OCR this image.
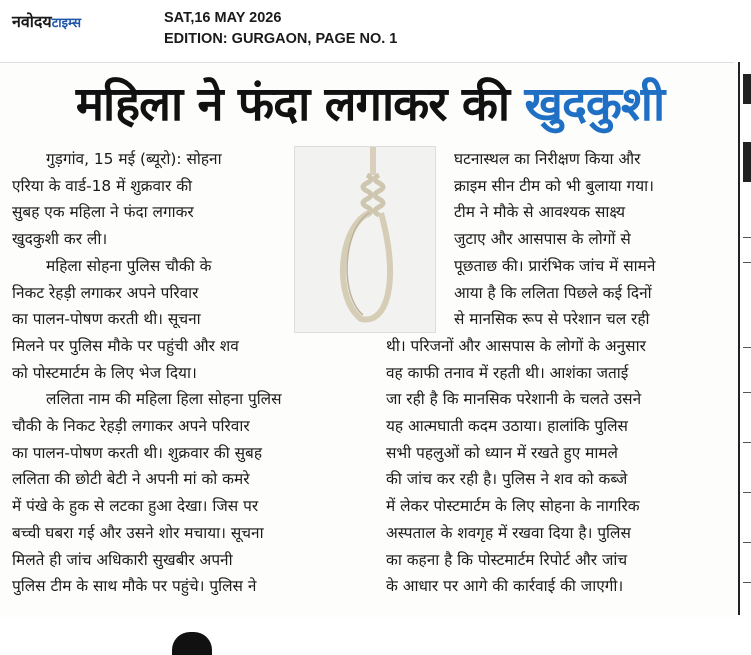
नवोदयटाइम्स	SAT,16 MAY 2026
EDITION: GURGAON, PAGE NO. 1
महिला ने फंदा लगाकर की खुदकुशी
गुड़गांव, 15 मई (ब्यूरो): सोहना
एरिया के वार्ड-18 में शुक्रवार की
सुबह एक महिला ने फंदा लगाकर
खुदकुशी कर ली।
महिला सोहना पुलिस चौकी के
निकट रेहड़ी लगाकर अपने परिवार
का पालन-पोषण करती थी। सूचना
मिलने पर पुलिस मौके पर पहुंची और शव
को पोस्टमार्टम के लिए भेज दिया।
ललिता नाम की महिला हिला सोहना पुलिस
चौकी के निकट रेहड़ी लगाकर अपने परिवार
का पालन-पोषण करती थी। शुक्रवार की सुबह
ललिता की छोटी बेटी ने अपनी मां को कमरे
में पंखे के हुक से लटका हुआ देखा। जिस पर
बच्ची घबरा गई और उसने शोर मचाया। सूचना
मिलते ही जांच अधिकारी सुखबीर अपनी
पुलिस टीम के साथ मौके पर पहुंचे। पुलिस ने
घटनास्थल का निरीक्षण किया और
क्राइम सीन टीम को भी बुलाया गया।
टीम ने मौके से आवश्यक साक्ष्य
जुटाए और आसपास के लोगों से
पूछताछ की। प्रारंभिक जांच में सामने
आया है कि ललिता पिछले कई दिनों
से मानसिक रूप से परेशान चल रही
थी। परिजनों और आसपास के लोगों के अनुसार
वह काफी तनाव में रहती थी। आशंका जताई
जा रही है कि मानसिक परेशानी के चलते उसने
यह आत्मघाती कदम उठाया। हालांकि पुलिस
सभी पहलुओं को ध्यान में रखते हुए मामले
की जांच कर रही है। पुलिस ने शव को कब्जे
में लेकर पोस्टमार्टम के लिए सोहना के नागरिक
अस्पताल के शवगृह में रखवा दिया है। पुलिस
का कहना है कि पोस्टमार्टम रिपोर्ट और जांच
के आधार पर आगे की कार्रवाई की जाएगी।
